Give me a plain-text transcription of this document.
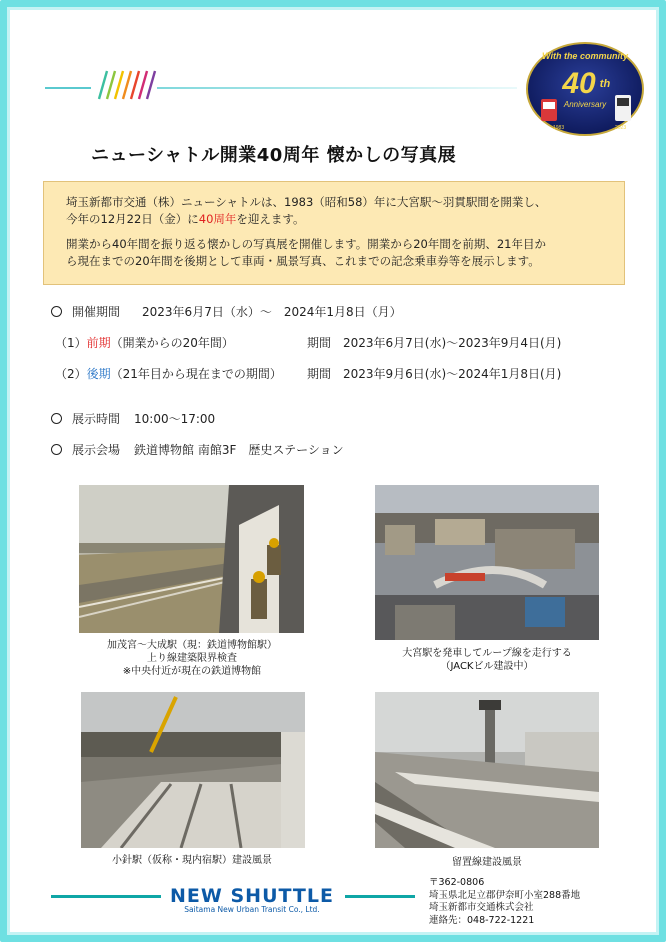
With the community
40 th
Anniversary
1983	2023
ニューシャトル開業40周年 懐かしの写真展

埼玉新都市交通（株）ニューシャトルは、1983（昭和58）年に大宮駅～羽貫駅間を開業し、
今年の12月22日（金）に40周年を迎えます。

開業から40年間を振り返る懐かしの写真展を開催します。開業から20年間を前期、21年目か
ら現在までの20年間を後期として車両・風景写真、これまでの記念乗車券等を展示します。

開催期間 2023年6月7日（水）～　2024年1月8日（月）
（1）前期（開業からの20年間）	期間　2023年6月7日(水)～2023年9月4日(月)
（2）後期（21年目から現在までの期間） 期間　2023年9月6日(水)～2024年1月8日(月)
展示時間 10:00～17:00
展示会場 鉄道博物館 南館3F　歴史ステーション
加茂宮～大成駅（現：鉄道博物館駅）
上り線建築限界検査
※中央付近が現在の鉄道博物館
大宮駅を発車してループ線を走行する
（JACKビル建設中）
小針駅（仮称・現内宿駅）建設風景	留置線建設風景
NEW SHUTTLE
Saitama New Urban Transit Co., Ltd.
〒362-0806
埼玉県北足立郡伊奈町小室288番地
埼玉新都市交通株式会社
連絡先：048-722-1221
